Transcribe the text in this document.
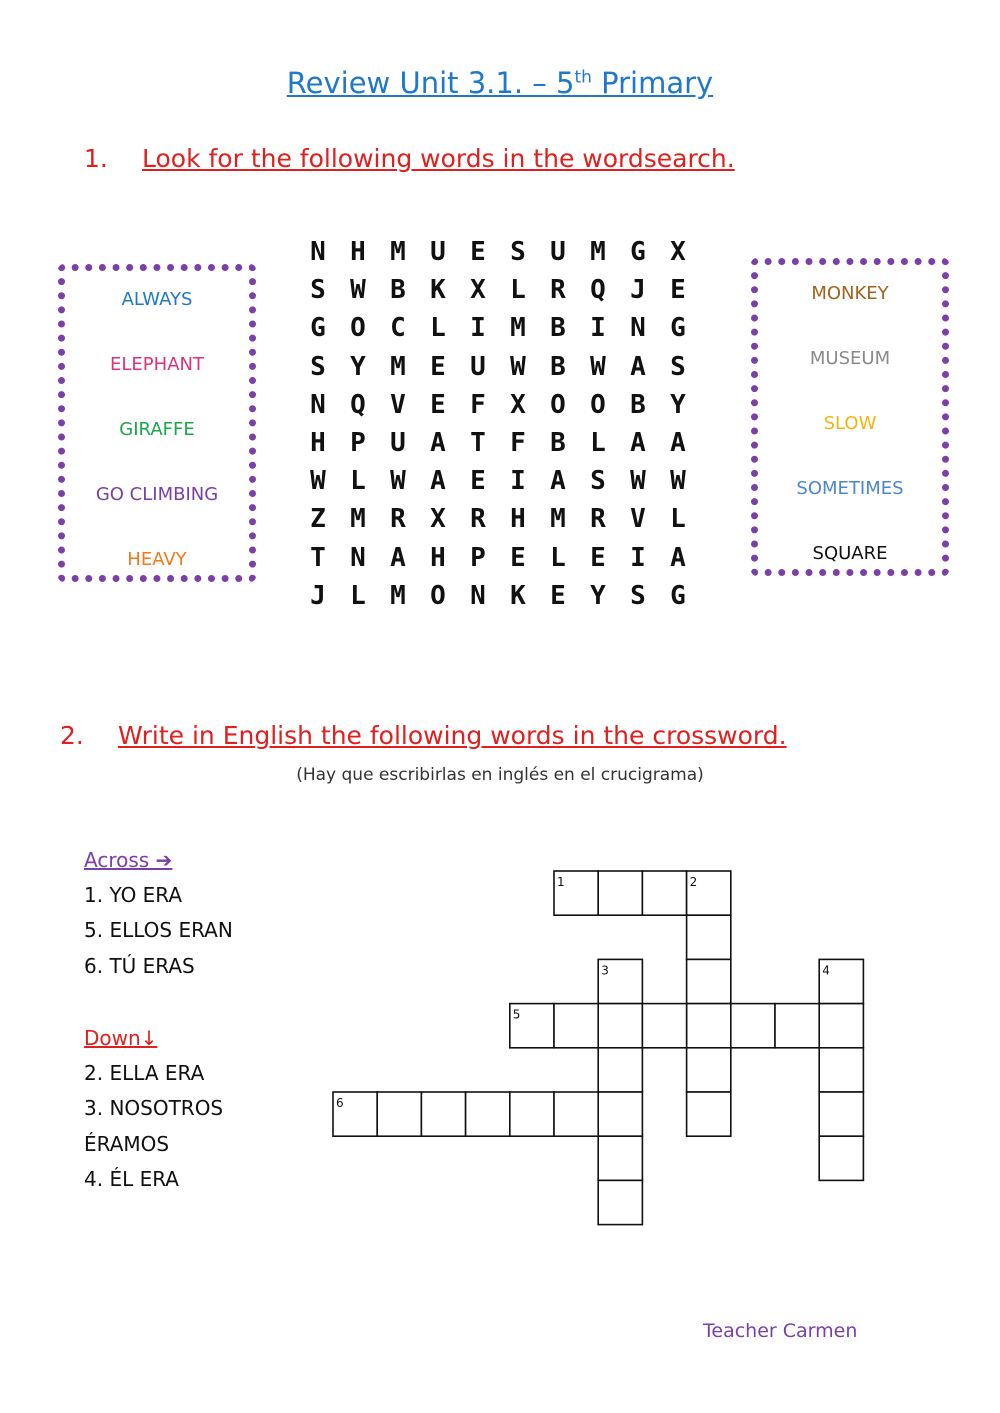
Review Unit 3.1. – 5th Primary
1. Look for the following words in the wordsearch.
ALWAYS
ELEPHANT
GIRAFFE
GO CLIMBING
HEAVY
N H M U E S U M G X
S W B K X L R Q J E
G O C L I M B I N G
S Y M E U W B W A S
N Q V E F X O O B Y
H P U A T F B L A A
W L W A E I A S W W
Z M R X R H M R V L
T N A H P E L E I A
J L M O N K E Y S G
MONKEY
MUSEUM
SLOW
SOMETIMES
SQUARE
2. Write in English the following words in the crossword.
(Hay que escribirlas en inglés en el crucigrama)
Across ➔
1. YO ERA
5. ELLOS ERAN
6. TÚ ERAS
Down↓
2. ELLA ERA
3. NOSOTROS
ÉRAMOS
4. ÉL ERA
1	2
3	4
5
6
Teacher Carmen
